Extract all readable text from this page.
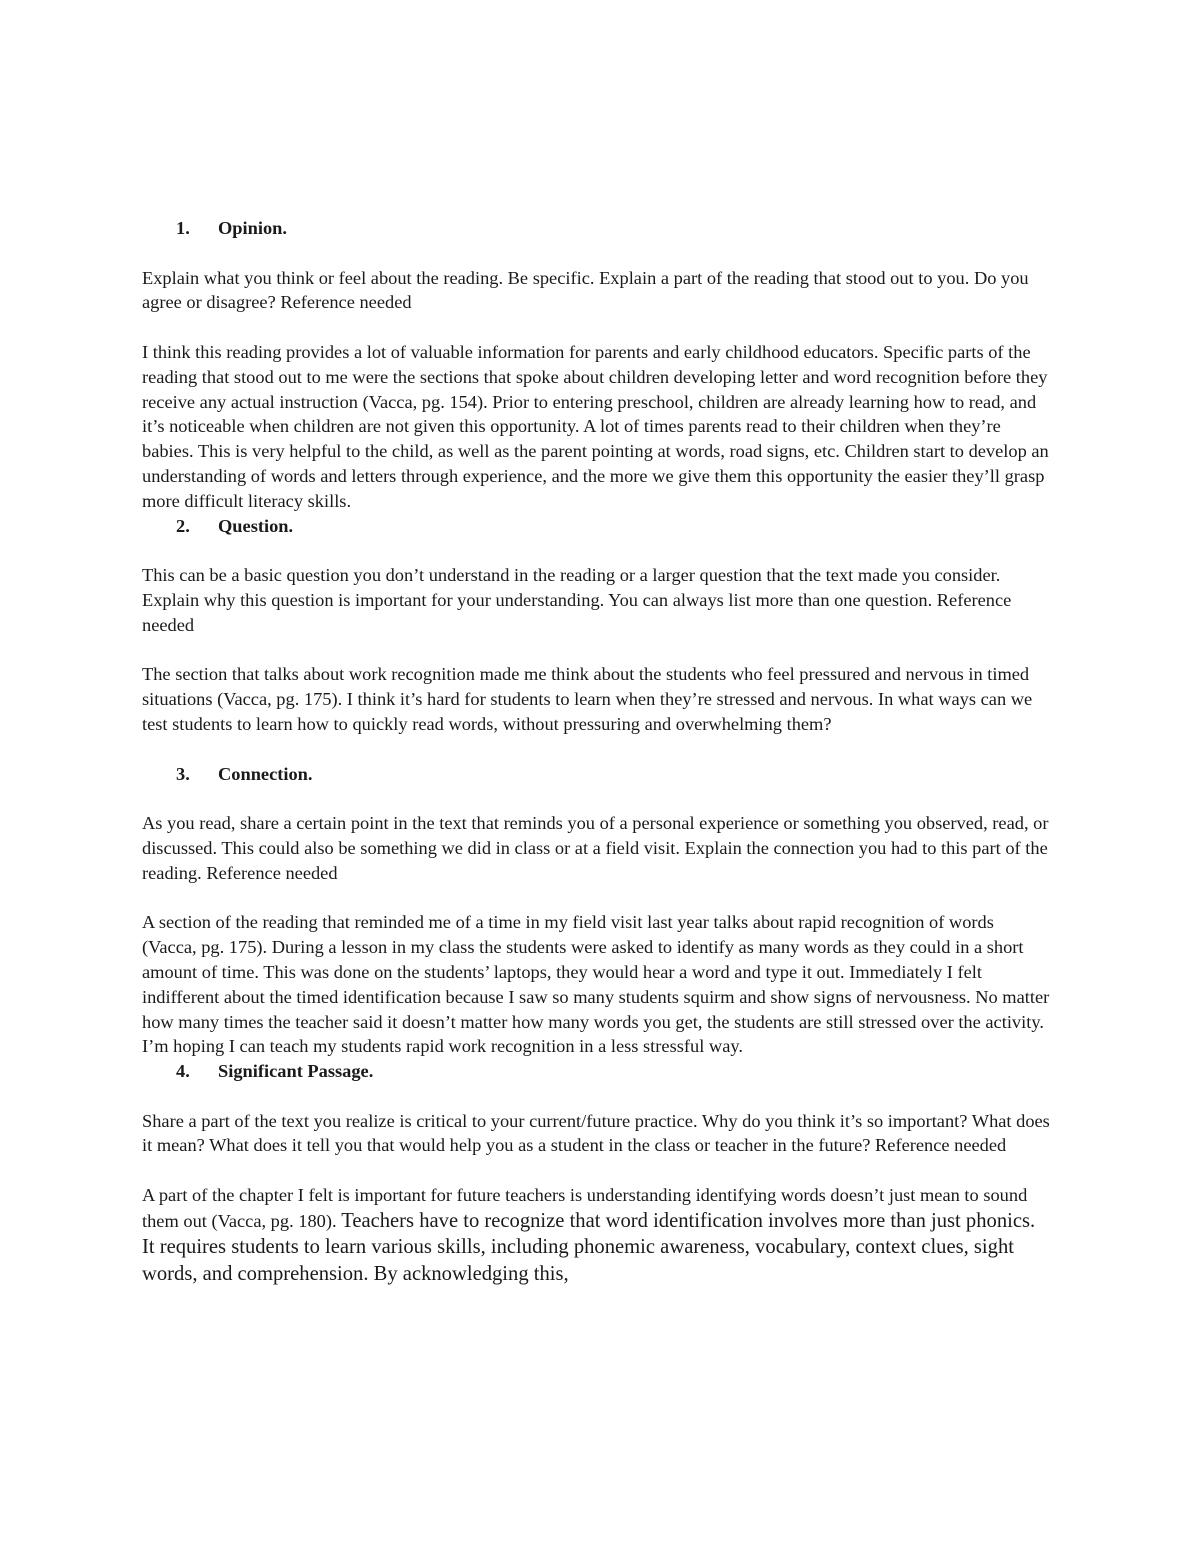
1.	Opinion.

Explain what you think or feel about the reading. Be specific. Explain a part of the reading that stood out to you. Do you agree or disagree? Reference needed

I think this reading provides a lot of valuable information for parents and early childhood educators. Specific parts of the reading that stood out to me were the sections that spoke about children developing letter and word recognition before they receive any actual instruction (Vacca, pg. 154). Prior to entering preschool, children are already learning how to read, and it’s noticeable when children are not given this opportunity. A lot of times parents read to their children when they’re babies. This is very helpful to the child, as well as the parent pointing at words, road signs, etc. Children start to develop an understanding of words and letters through experience, and the more we give them this opportunity the easier they’ll grasp more difficult literacy skills.

2.	Question.

This can be a basic question you don’t understand in the reading or a larger question that the text made you consider. Explain why this question is important for your understanding. You can always list more than one question. Reference needed

The section that talks about work recognition made me think about the students who feel pressured and nervous in timed situations (Vacca, pg. 175). I think it’s hard for students to learn when they’re stressed and nervous. In what ways can we test students to learn how to quickly read words, without pressuring and overwhelming them?

3.	Connection.

As you read, share a certain point in the text that reminds you of a personal experience or something you observed, read, or discussed. This could also be something we did in class or at a field visit. Explain the connection you had to this part of the reading. Reference needed

A section of the reading that reminded me of a time in my field visit last year talks about rapid recognition of words (Vacca, pg. 175). During a lesson in my class the students were asked to identify as many words as they could in a short amount of time. This was done on the students’ laptops, they would hear a word and type it out. Immediately I felt indifferent about the timed identification because I saw so many students squirm and show signs of nervousness. No matter how many times the teacher said it doesn’t matter how many words you get, the students are still stressed over the activity. I’m hoping I can teach my students rapid work recognition in a less stressful way.

4.	Significant Passage.

Share a part of the text you realize is critical to your current/future practice. Why do you think it’s so important? What does it mean? What does it tell you that would help you as a student in the class or teacher in the future? Reference needed

A part of the chapter I felt is important for future teachers is understanding identifying words doesn’t just mean to sound them out (Vacca, pg. 180). Teachers have to recognize that word identification involves more than just phonics. It requires students to learn various skills, including phonemic awareness, vocabulary, context clues, sight words, and comprehension. By acknowledging this,
